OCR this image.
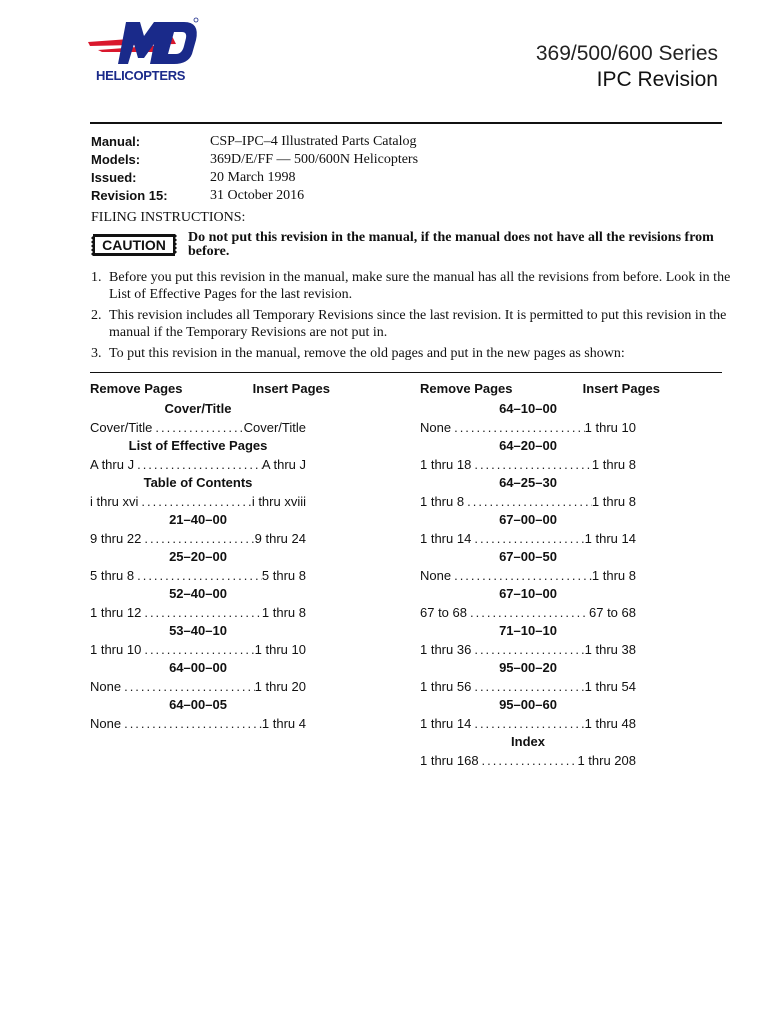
HELICOPTERS
369/500/600 Series
IPC Revision
Manual:	CSP–IPC–4 Illustrated Parts Catalog
Models:	369D/E/FF — 500/600N Helicopters
Issued:	20 March 1998
Revision 15:	31 October 2016
FILING INSTRUCTIONS:
CAUTION Do not put this revision in the manual, if the manual does not have all the revisions from before.
1. Before you put this revision in the manual, make sure the manual has all the revisions from before. Look in the List of Effective Pages for the last revision.
2. This revision includes all Temporary Revisions since the last revision. It is permitted to put this revision in the manual if the Temporary Revisions are not put in.
3. To put this revision in the manual, remove the old pages and put in the new pages as shown:
Remove Pages	Insert Pages
Cover/Title
Cover/Title .....	Cover/Title
List of Effective Pages
A thru J .....	A thru J
Table of Contents
i thru xvi .....	i thru xviii
21–40–00
9 thru 22 .....	9 thru 24
25–20–00
5 thru 8 .....	5 thru 8
52–40–00
1 thru 12 .....	1 thru 8
53–40–10
1 thru 10 .....	1 thru 10
64–00–00
None .....	1 thru 20
64–00–05
None .....	1 thru 4
Remove Pages	Insert Pages
64–10–00
None .....	1 thru 10
64–20–00
1 thru 18 .....	1 thru 8
64–25–30
1 thru 8 .....	1 thru 8
67–00–00
1 thru 14 .....	1 thru 14
67–00–50
None .....	1 thru 8
67–10–00
67 to 68 .....	67 to 68
71–10–10
1 thru 36 .....	1 thru 38
95–00–20
1 thru 56 .....	1 thru 54
95–00–60
1 thru 14 .....	1 thru 48
Index
1 thru 168 .....	1 thru 208
